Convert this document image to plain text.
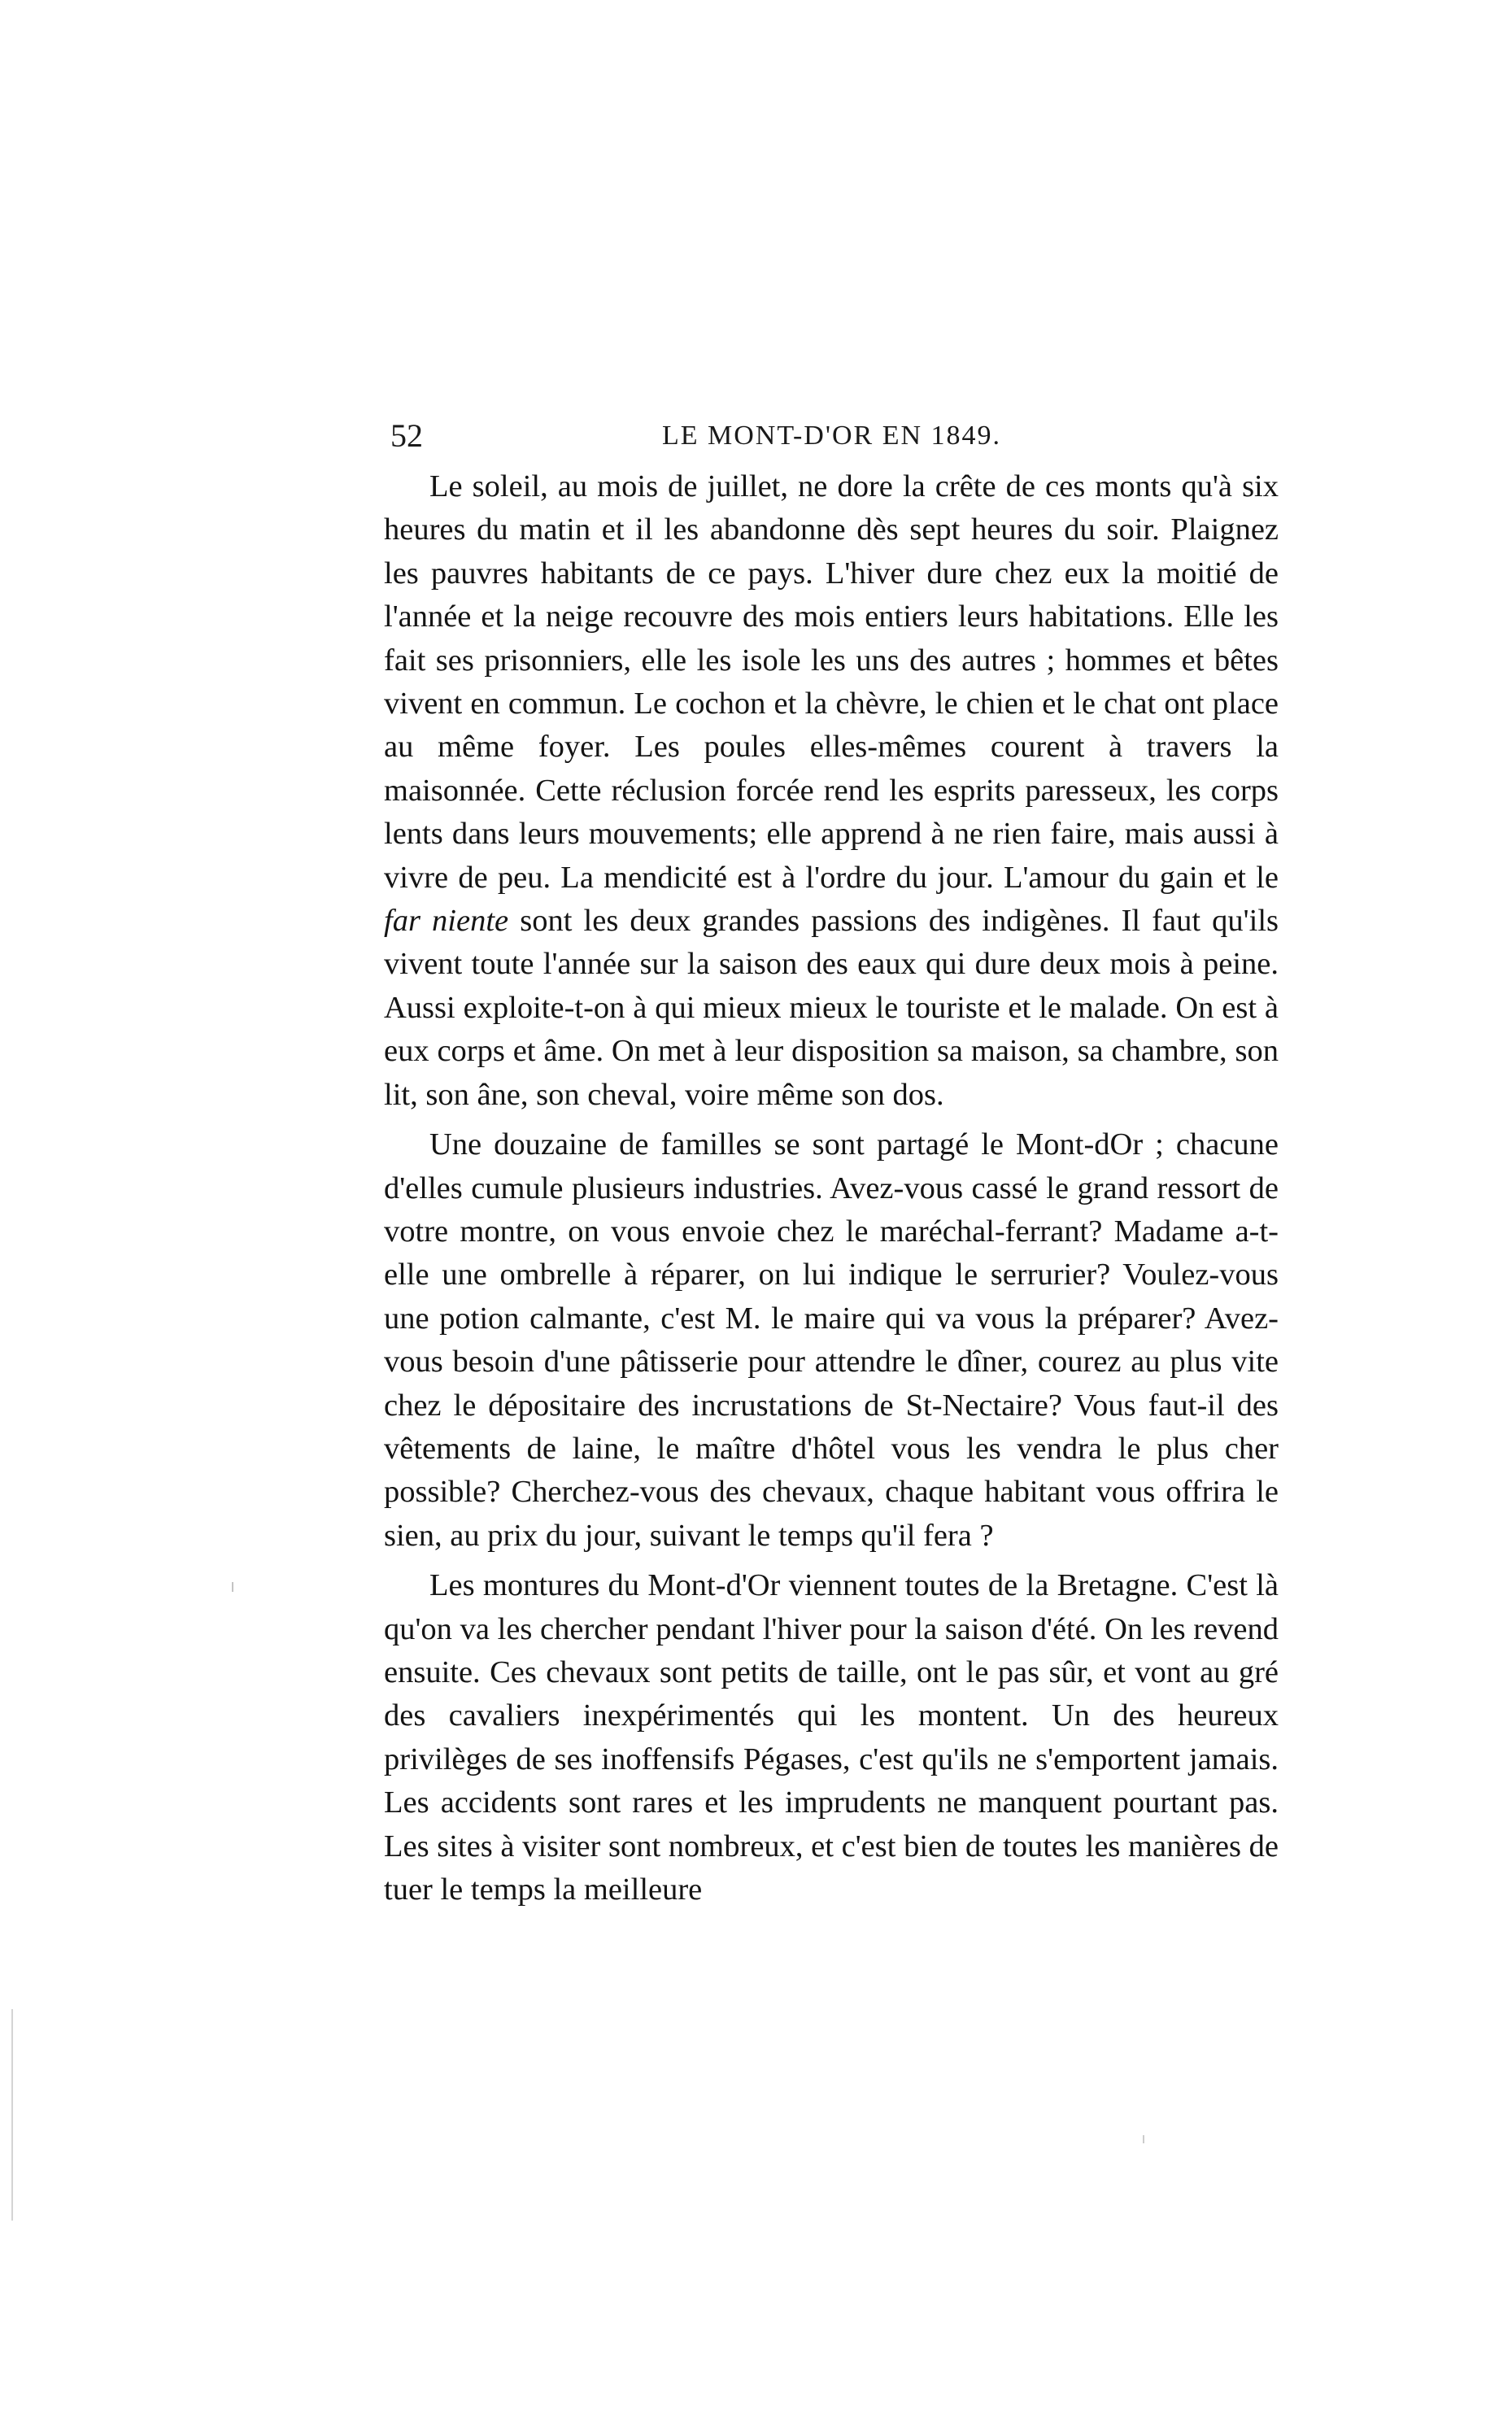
52	LE MONT-D'OR EN 1849.

Le soleil, au mois de juillet, ne dore la crête de ces monts qu'à six heures du matin et il les abandonne dès sept heures du soir. Plaignez les pauvres habitants de ce pays. L'hiver dure chez eux la moitié de l'année et la neige recouvre des mois entiers leurs habitations. Elle les fait ses prisonniers, elle les isole les uns des autres ; hommes et bêtes vivent en commun. Le cochon et la chèvre, le chien et le chat ont place au même foyer. Les poules elles-mêmes courent à travers la maisonnée. Cette réclusion forcée rend les esprits paresseux, les corps lents dans leurs mouvements; elle apprend à ne rien faire, mais aussi à vivre de peu. La mendicité est à l'ordre du jour. L'amour du gain et le far niente sont les deux grandes passions des indigènes. Il faut qu'ils vivent toute l'année sur la saison des eaux qui dure deux mois à peine. Aussi exploite-t-on à qui mieux mieux le touriste et le malade. On est à eux corps et âme. On met à leur disposition sa maison, sa chambre, son lit, son âne, son cheval, voire même son dos.

Une douzaine de familles se sont partagé le Mont-dOr ; chacune d'elles cumule plusieurs industries. Avez-vous cassé le grand ressort de votre montre, on vous envoie chez le maréchal-ferrant? Madame a-t-elle une ombrelle à réparer, on lui indique le serrurier? Voulez-vous une potion calmante, c'est M. le maire qui va vous la préparer? Avez-vous besoin d'une pâtisserie pour attendre le dîner, courez au plus vite chez le dépositaire des incrustations de St-Nectaire? Vous faut-il des vêtements de laine, le maître d'hôtel vous les vendra le plus cher possible? Cherchez-vous des chevaux, chaque habitant vous offrira le sien, au prix du jour, suivant le temps qu'il fera ?

Les montures du Mont-d'Or viennent toutes de la Bretagne. C'est là qu'on va les chercher pendant l'hiver pour la saison d'été. On les revend ensuite. Ces chevaux sont petits de taille, ont le pas sûr, et vont au gré des cavaliers inexpérimentés qui les montent. Un des heureux privilèges de ses inoffensifs Pégases, c'est qu'ils ne s'emportent jamais. Les accidents sont rares et les imprudents ne manquent pourtant pas. Les sites à visiter sont nombreux, et c'est bien de toutes les manières de tuer le temps la meilleure
